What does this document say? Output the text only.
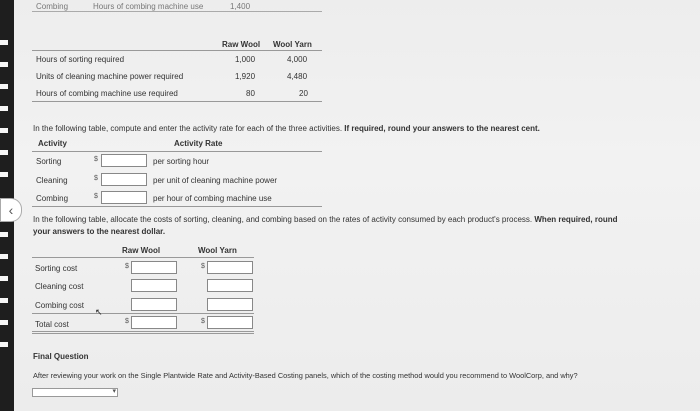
Combing	Hours of combing machine use	1,400
Raw Wool Wool Yarn
Hours of sorting required	1,000	4,000
Units of cleaning machine power required	1,920	4,480
Hours of combing machine use required	80	20
In the following table, compute and enter the activity rate for each of the three activities. If required, round your answers to the nearest cent.
Activity	Activity Rate
Sorting	$	per sorting hour
Cleaning	$	per unit of cleaning machine power
Combing	$	per hour of combing machine use
‹
In the following table, allocate the costs of sorting, cleaning, and combing based on the rates of activity consumed by each product's process. When required, round
your answers to the nearest dollar.
Raw Wool	Wool Yarn
Sorting cost	$	$
Cleaning cost
Combing cost
↖
Total cost	$	$
Final Question
After reviewing your work on the Single Plantwide Rate and Activity-Based Costing panels, which of the costing method would you recommend to WoolCorp, and why?
▾
